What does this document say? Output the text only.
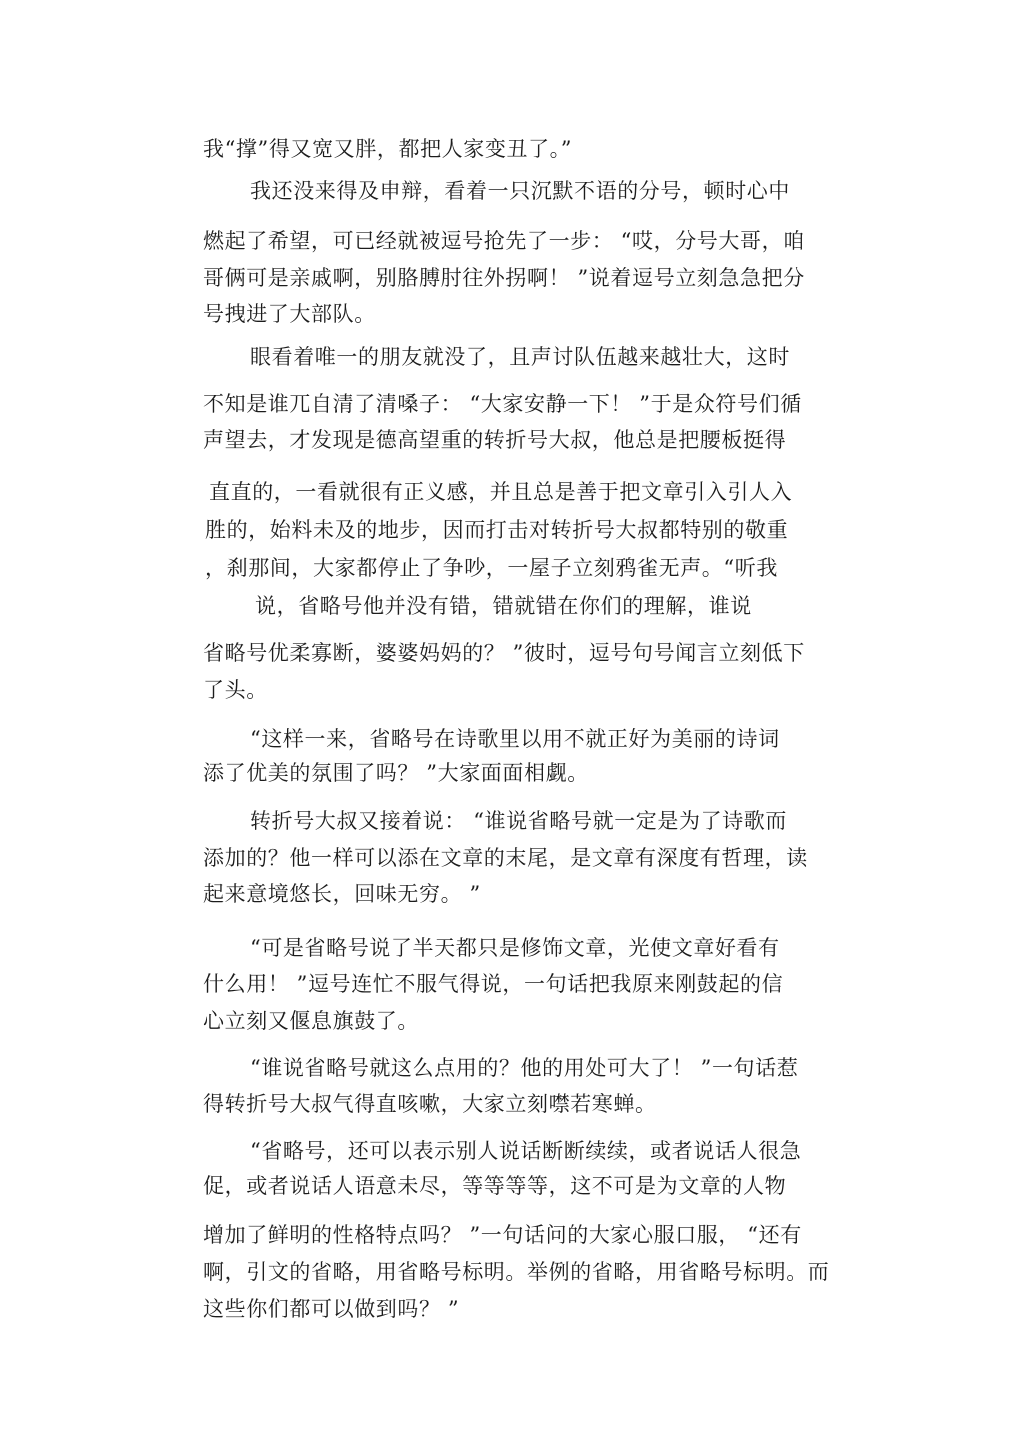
我“撑”得又宽又胖，都把人家变丑了。”

我还没来得及申辩，看着一只沉默不语的分号，顿时心中

燃起了希望，可已经就被逗号抢先了一步： “哎，分号大哥，咱

哥俩可是亲戚啊，别胳膊肘往外拐啊！ ”说着逗号立刻急急把分

号拽进了大部队。

眼看着唯一的朋友就没了，且声讨队伍越来越壮大，这时

不知是谁兀自清了清嗓子： “大家安静一下！ ”于是众符号们循

声望去，才发现是德高望重的转折号大叔，他总是把腰板挺得

直直的，一看就很有正义感，并且总是善于把文章引入引人入

胜的，始料未及的地步，因而打击对转折号大叔都特别的敬重

，刹那间，大家都停止了争吵，一屋子立刻鸦雀无声。“听我

说，省略号他并没有错，错就错在你们的理解，谁说

省略号优柔寡断，婆婆妈妈的？ ”彼时，逗号句号闻言立刻低下

了头。

“这样一来，省略号在诗歌里以用不就正好为美丽的诗词

添了优美的氛围了吗？ ”大家面面相觑。

转折号大叔又接着说： “谁说省略号就一定是为了诗歌而

添加的？他一样可以添在文章的末尾，是文章有深度有哲理，读

起来意境悠长，回味无穷。 ”

“可是省略号说了半天都只是修饰文章，光使文章好看有

什么用！ ”逗号连忙不服气得说，一句话把我原来刚鼓起的信

心立刻又偃息旗鼓了。

“谁说省略号就这么点用的？他的用处可大了！ ”一句话惹

得转折号大叔气得直咳嗽，大家立刻噤若寒蝉。

“省略号，还可以表示别人说话断断续续，或者说话人很急

促，或者说话人语意未尽，等等等等，这不可是为文章的人物

增加了鲜明的性格特点吗？ ”一句话问的大家心服口服， “还有

啊，引文的省略，用省略号标明。举例的省略，用省略号标明。而

这些你们都可以做到吗？ ”
